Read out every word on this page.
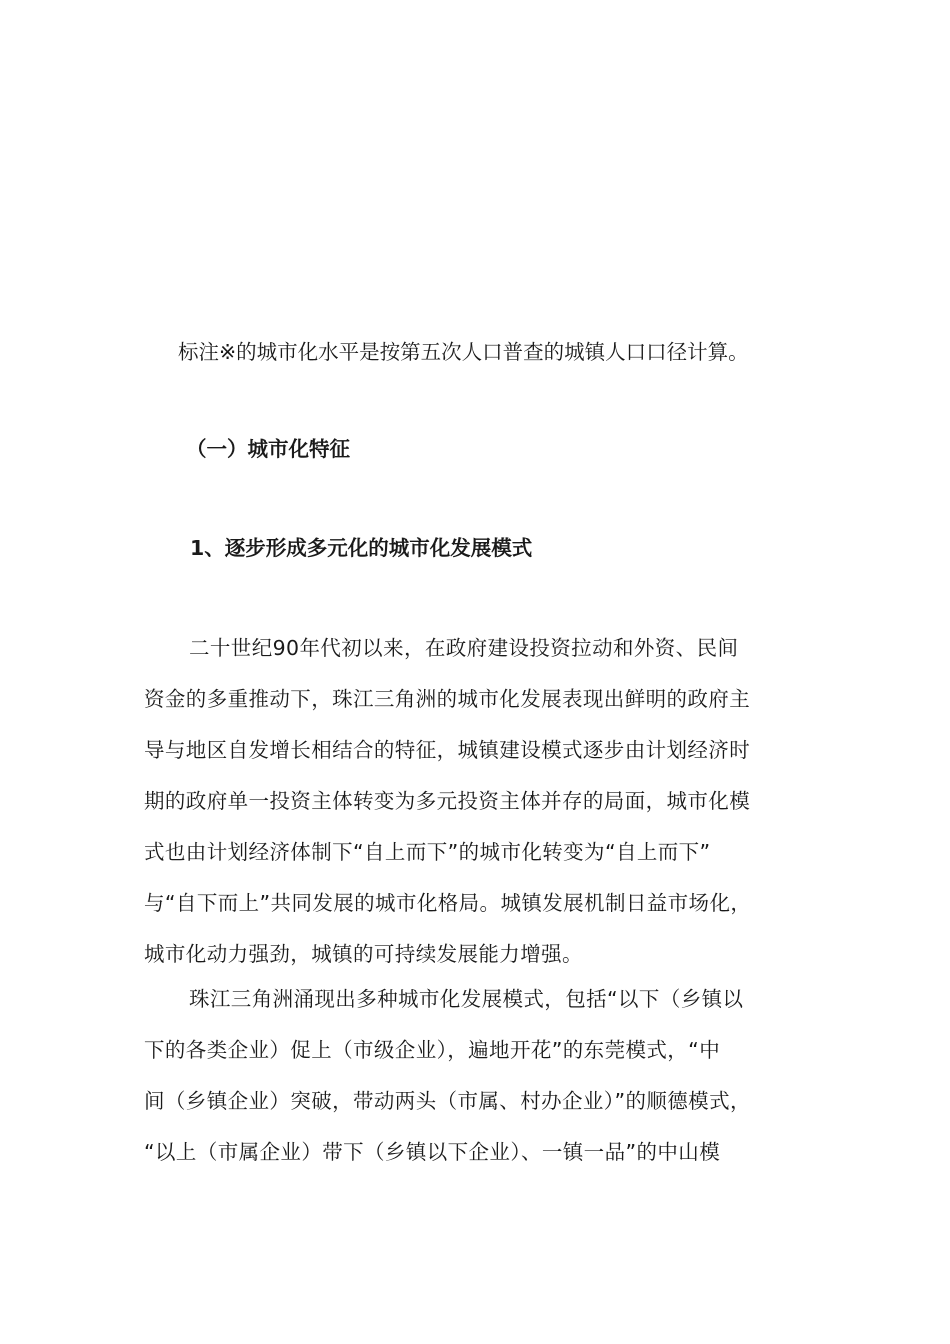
标注※的城市化水平是按第五次人口普查的城镇人口口径计算。
（一）城市化特征
1、逐步形成多元化的城市化发展模式
二十世纪90年代初以来，在政府建设投资拉动和外资、民间
资金的多重推动下，珠江三角洲的城市化发展表现出鲜明的政府主
导与地区自发增长相结合的特征，城镇建设模式逐步由计划经济时
期的政府单一投资主体转变为多元投资主体并存的局面，城市化模
式也由计划经济体制下“自上而下”的城市化转变为“自上而下”
与“自下而上”共同发展的城市化格局。城镇发展机制日益市场化，
城市化动力强劲，城镇的可持续发展能力增强。
珠江三角洲涌现出多种城市化发展模式，包括“以下（乡镇以
下的各类企业）促上（市级企业），遍地开花”的东莞模式，“中
间（乡镇企业）突破，带动两头（市属、村办企业）”的顺德模式，
“以上（市属企业）带下（乡镇以下企业）、一镇一品”的中山模
